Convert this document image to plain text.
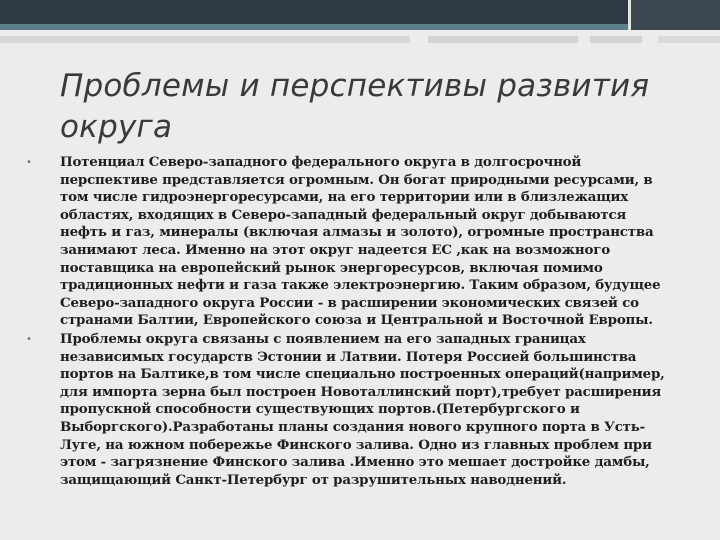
Проблемы и перспективы развития округа
• Потенциал Северо-западного федерального округа в долгосрочной перспективе представляется огромным. Он богат природными ресурсами, в том числе гидроэнергоресурсами, на его территории или в близлежащих областях, входящих в Северо-западный федеральный округ добываются нефть и газ, минералы (включая алмазы и золото), огромные пространства занимают леса. Именно на этот округ надеется ЕС ,как на возможного поставщика на европейский рынок энергоресурсов, включая помимо традиционных нефти и газа также электроэнергию. Таким образом, будущее Северо-западного округа России - в расширении экономических связей со странами Балтии, Европейского союза и Центральной и Восточной Европы.
• Проблемы округа связаны с появлением на его западных границах независимых государств Эстонии и Латвии. Потеря Россией большинства портов на Балтике,в том числе специально построенных операций(например, для импорта зерна был построен Новоталлинский порт),требует расширения пропускной способности существующих портов.(Петербургского и Выборгского).Разработаны планы создания нового крупного порта в Усть-Луге, на южном побережье Финского залива. Одно из главных проблем при этом - загрязнение Финского залива .Именно это мешает достройке дамбы, защищающий Санкт-Петербург от разрушительных наводнений.
